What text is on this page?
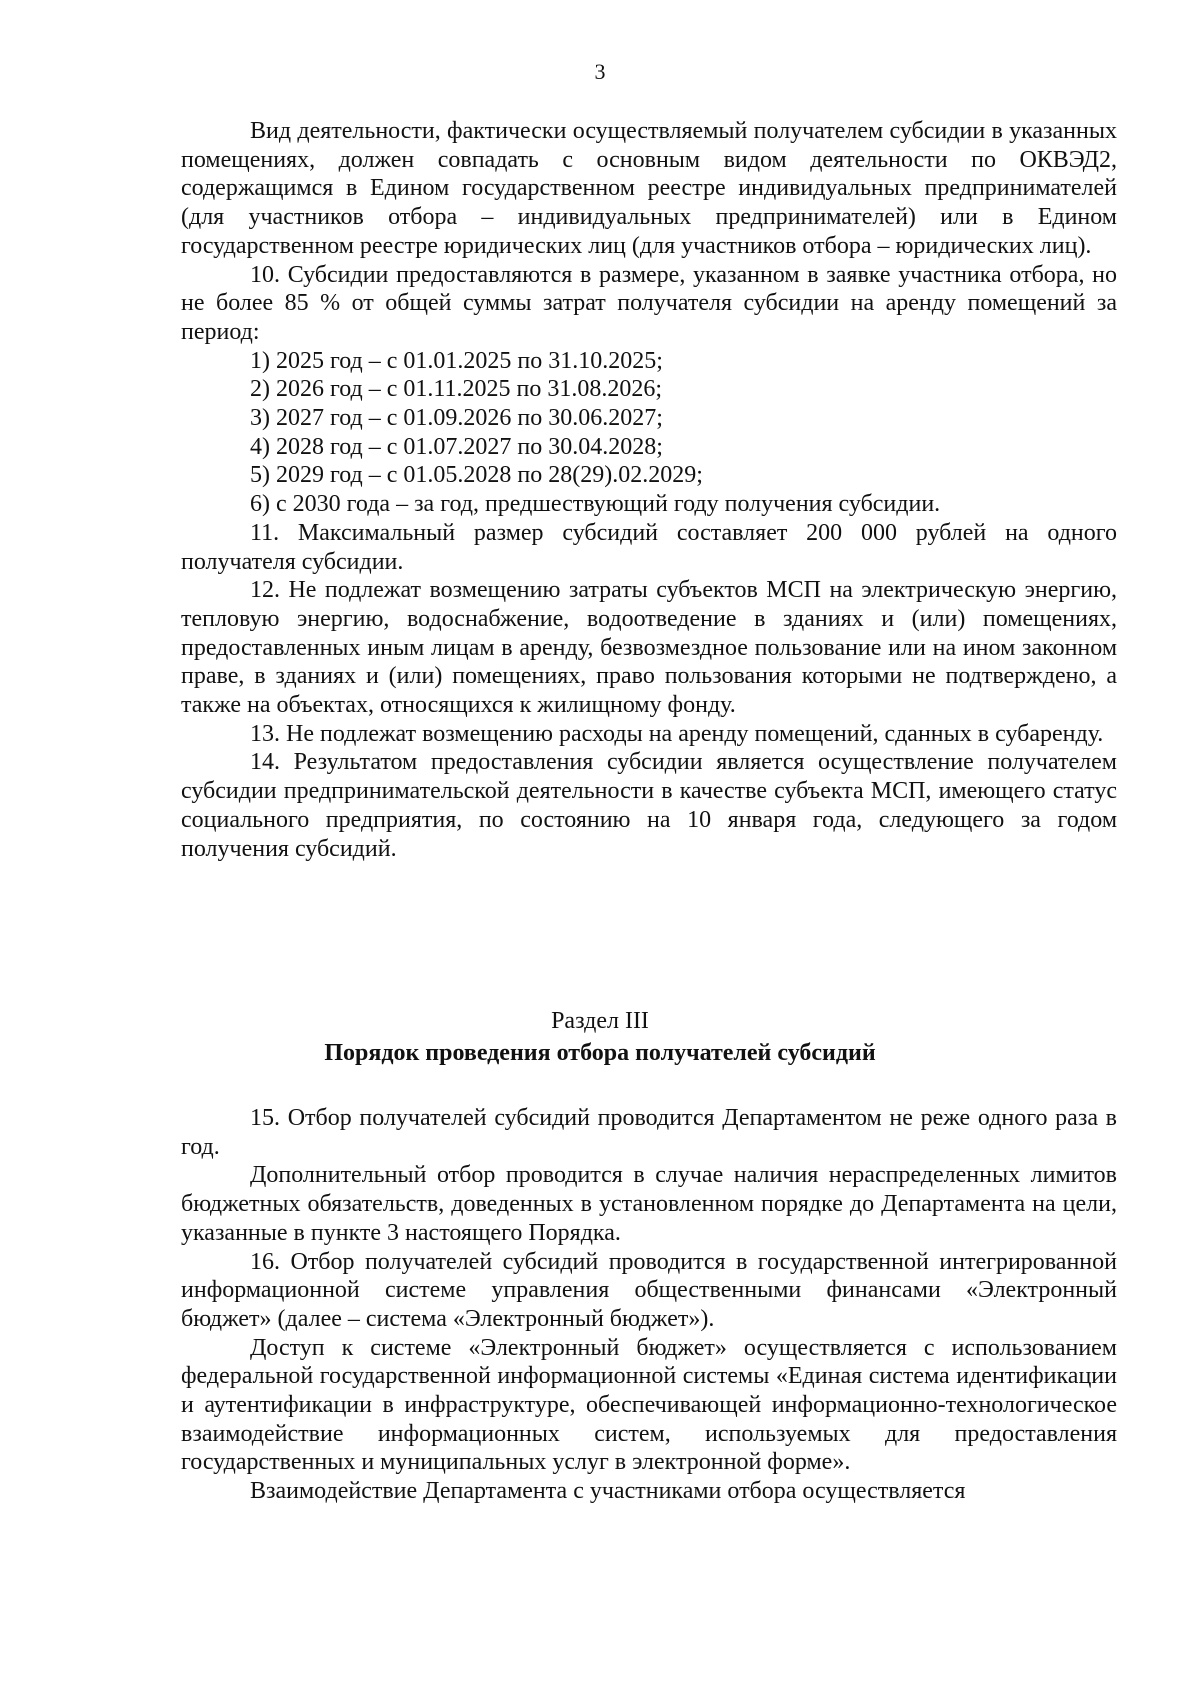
3

Вид деятельности, фактически осуществляемый получателем субсидии в указанных помещениях, должен совпадать с основным видом деятельности по ОКВЭД2, содержащимся в Едином государственном реестре индивидуальных предпринимателей (для участников отбора – индивидуальных предпринимателей) или в Едином государственном реестре юридических лиц (для участников отбора – юридических лиц).

10. Субсидии предоставляются в размере, указанном в заявке участника отбора, но не более 85 % от общей суммы затрат получателя субсидии на аренду помещений за период:

1) 2025 год – с 01.01.2025 по 31.10.2025;

2) 2026 год – с 01.11.2025 по 31.08.2026;

3) 2027 год – с 01.09.2026 по 30.06.2027;

4) 2028 год – с 01.07.2027 по 30.04.2028;

5) 2029 год – с 01.05.2028 по 28(29).02.2029;

6) с 2030 года – за год, предшествующий году получения субсидии.

11. Максимальный размер субсидий составляет 200 000 рублей на одного получателя субсидии.

12. Не подлежат возмещению затраты субъектов МСП на электрическую энергию, тепловую энергию, водоснабжение, водоотведение в зданиях и (или) помещениях, предоставленных иным лицам в аренду, безвозмездное пользование или на ином законном праве, в зданиях и (или) помещениях, право пользования которыми не подтверждено, а также на объектах, относящихся к жилищному фонду.

13. Не подлежат возмещению расходы на аренду помещений, сданных в субаренду.

14. Результатом предоставления субсидии является осуществление получателем субсидии предпринимательской деятельности в качестве субъекта МСП, имеющего статус социального предприятия, по состоянию на 10 января года, следующего за годом получения субсидий.

Раздел III
Порядок проведения отбора получателей субсидий

15. Отбор получателей субсидий проводится Департаментом не реже одного раза в год.

Дополнительный отбор проводится в случае наличия нераспределенных лимитов бюджетных обязательств, доведенных в установленном порядке до Департамента на цели, указанные в пункте 3 настоящего Порядка.

16. Отбор получателей субсидий проводится в государственной интегрированной информационной системе управления общественными финансами «Электронный бюджет» (далее – система «Электронный бюджет»).

Доступ к системе «Электронный бюджет» осуществляется с использованием федеральной государственной информационной системы «Единая система идентификации и аутентификации в инфраструктуре, обеспечивающей информационно-технологическое взаимодействие информационных систем, используемых для предоставления государственных и муниципальных услуг в электронной форме».

Взаимодействие Департамента с участниками отбора осуществляется
